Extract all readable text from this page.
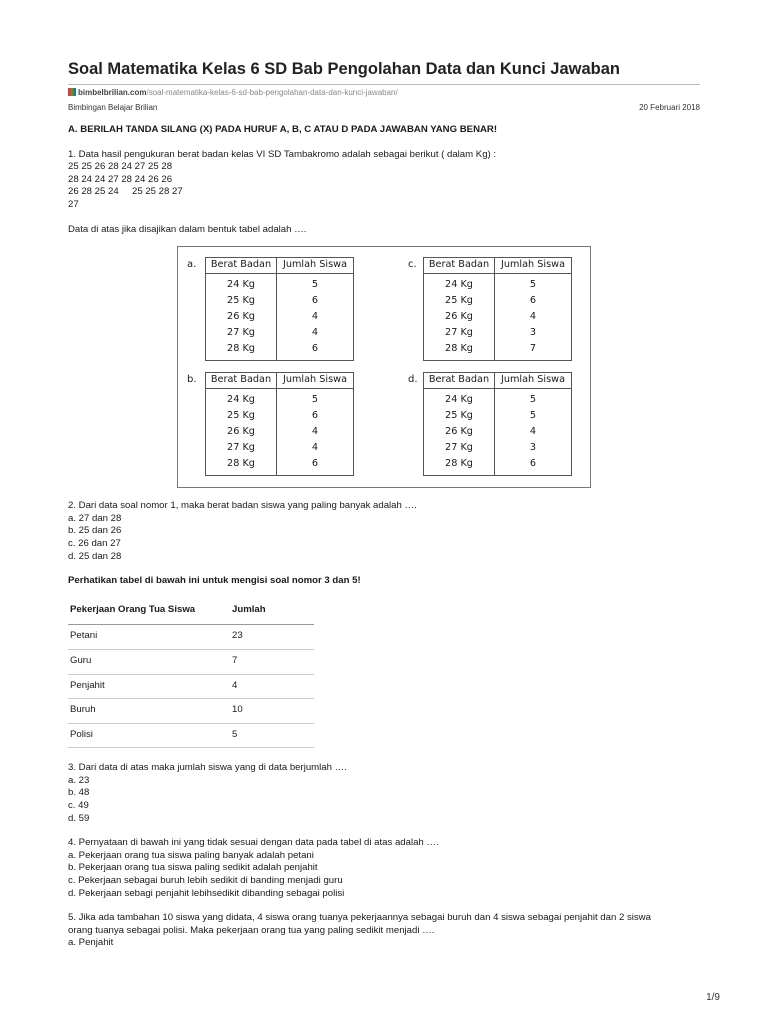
Soal Matematika Kelas 6 SD Bab Pengolahan Data dan Kunci Jawaban
bimbelbrilian.com/soal-matematika-kelas-6-sd-bab-pengolahan-data-dan-kunci-jawaban/
Bimbingan Belajar Brilian	20 Februari 2018

A. BERILAH TANDA SILANG (X) PADA HURUF A, B, C ATAU D PADA JAWABAN YANG BENAR!

1. Data hasil pengukuran berat badan kelas VI SD Tambakromo adalah sebagai berikut ( dalam Kg) :

25 25 26 28 24 27 25 28

28 24 24 27 28 24 26 26

26 28 25 24     25 25 28 27

27

Data di atas jika disajikan dalam bentuk tabel adalah ….

a. Berat Badan	Jumlah Siswa
24 Kg	5
25 Kg	6
26 Kg	4
27 Kg	4
28 Kg	6
c. Berat Badan	Jumlah Siswa
24 Kg	5
25 Kg	6
26 Kg	4
27 Kg	3
28 Kg	7
b. Berat Badan	Jumlah Siswa
24 Kg	5
25 Kg	6
26 Kg	4
27 Kg	4
28 Kg	6
d. Berat Badan	Jumlah Siswa
24 Kg	5
25 Kg	5
26 Kg	4
27 Kg	3
28 Kg	6

2. Dari data soal nomor 1, maka berat badan siswa yang paling banyak adalah ….

a. 27 dan 28

b. 25 dan 26

c. 26 dan 27

d. 25 dan 28

Perhatikan tabel di bawah ini untuk mengisi soal nomor 3 dan 5!

Pekerjaan Orang Tua Siswa	Jumlah
Petani	23
Guru	7
Penjahit	4
Buruh	10
Polisi	5

3. Dari data di atas maka jumlah siswa yang di data berjumlah ….

a. 23

b. 48

c. 49

d. 59

4. Pernyataan di bawah ini yang tidak sesuai dengan data pada tabel di atas adalah ….

a. Pekerjaan orang tua siswa paling banyak adalah petani

b. Pekerjaan orang tua siswa paling sedikit adalah penjahit

c. Pekerjaan sebagai buruh lebih sedikit di banding menjadi guru

d. Pekerjaan sebagi penjahit lebihsedikit dibanding sebagai polisi

5. Jika ada tambahan 10 siswa yang didata, 4 siswa orang tuanya pekerjaannya sebagai buruh dan 4 siswa sebagai penjahit dan 2 siswa

orang tuanya sebagai polisi. Maka pekerjaan orang tua yang paling sedikit menjadi ….

a. Penjahit

1/9
